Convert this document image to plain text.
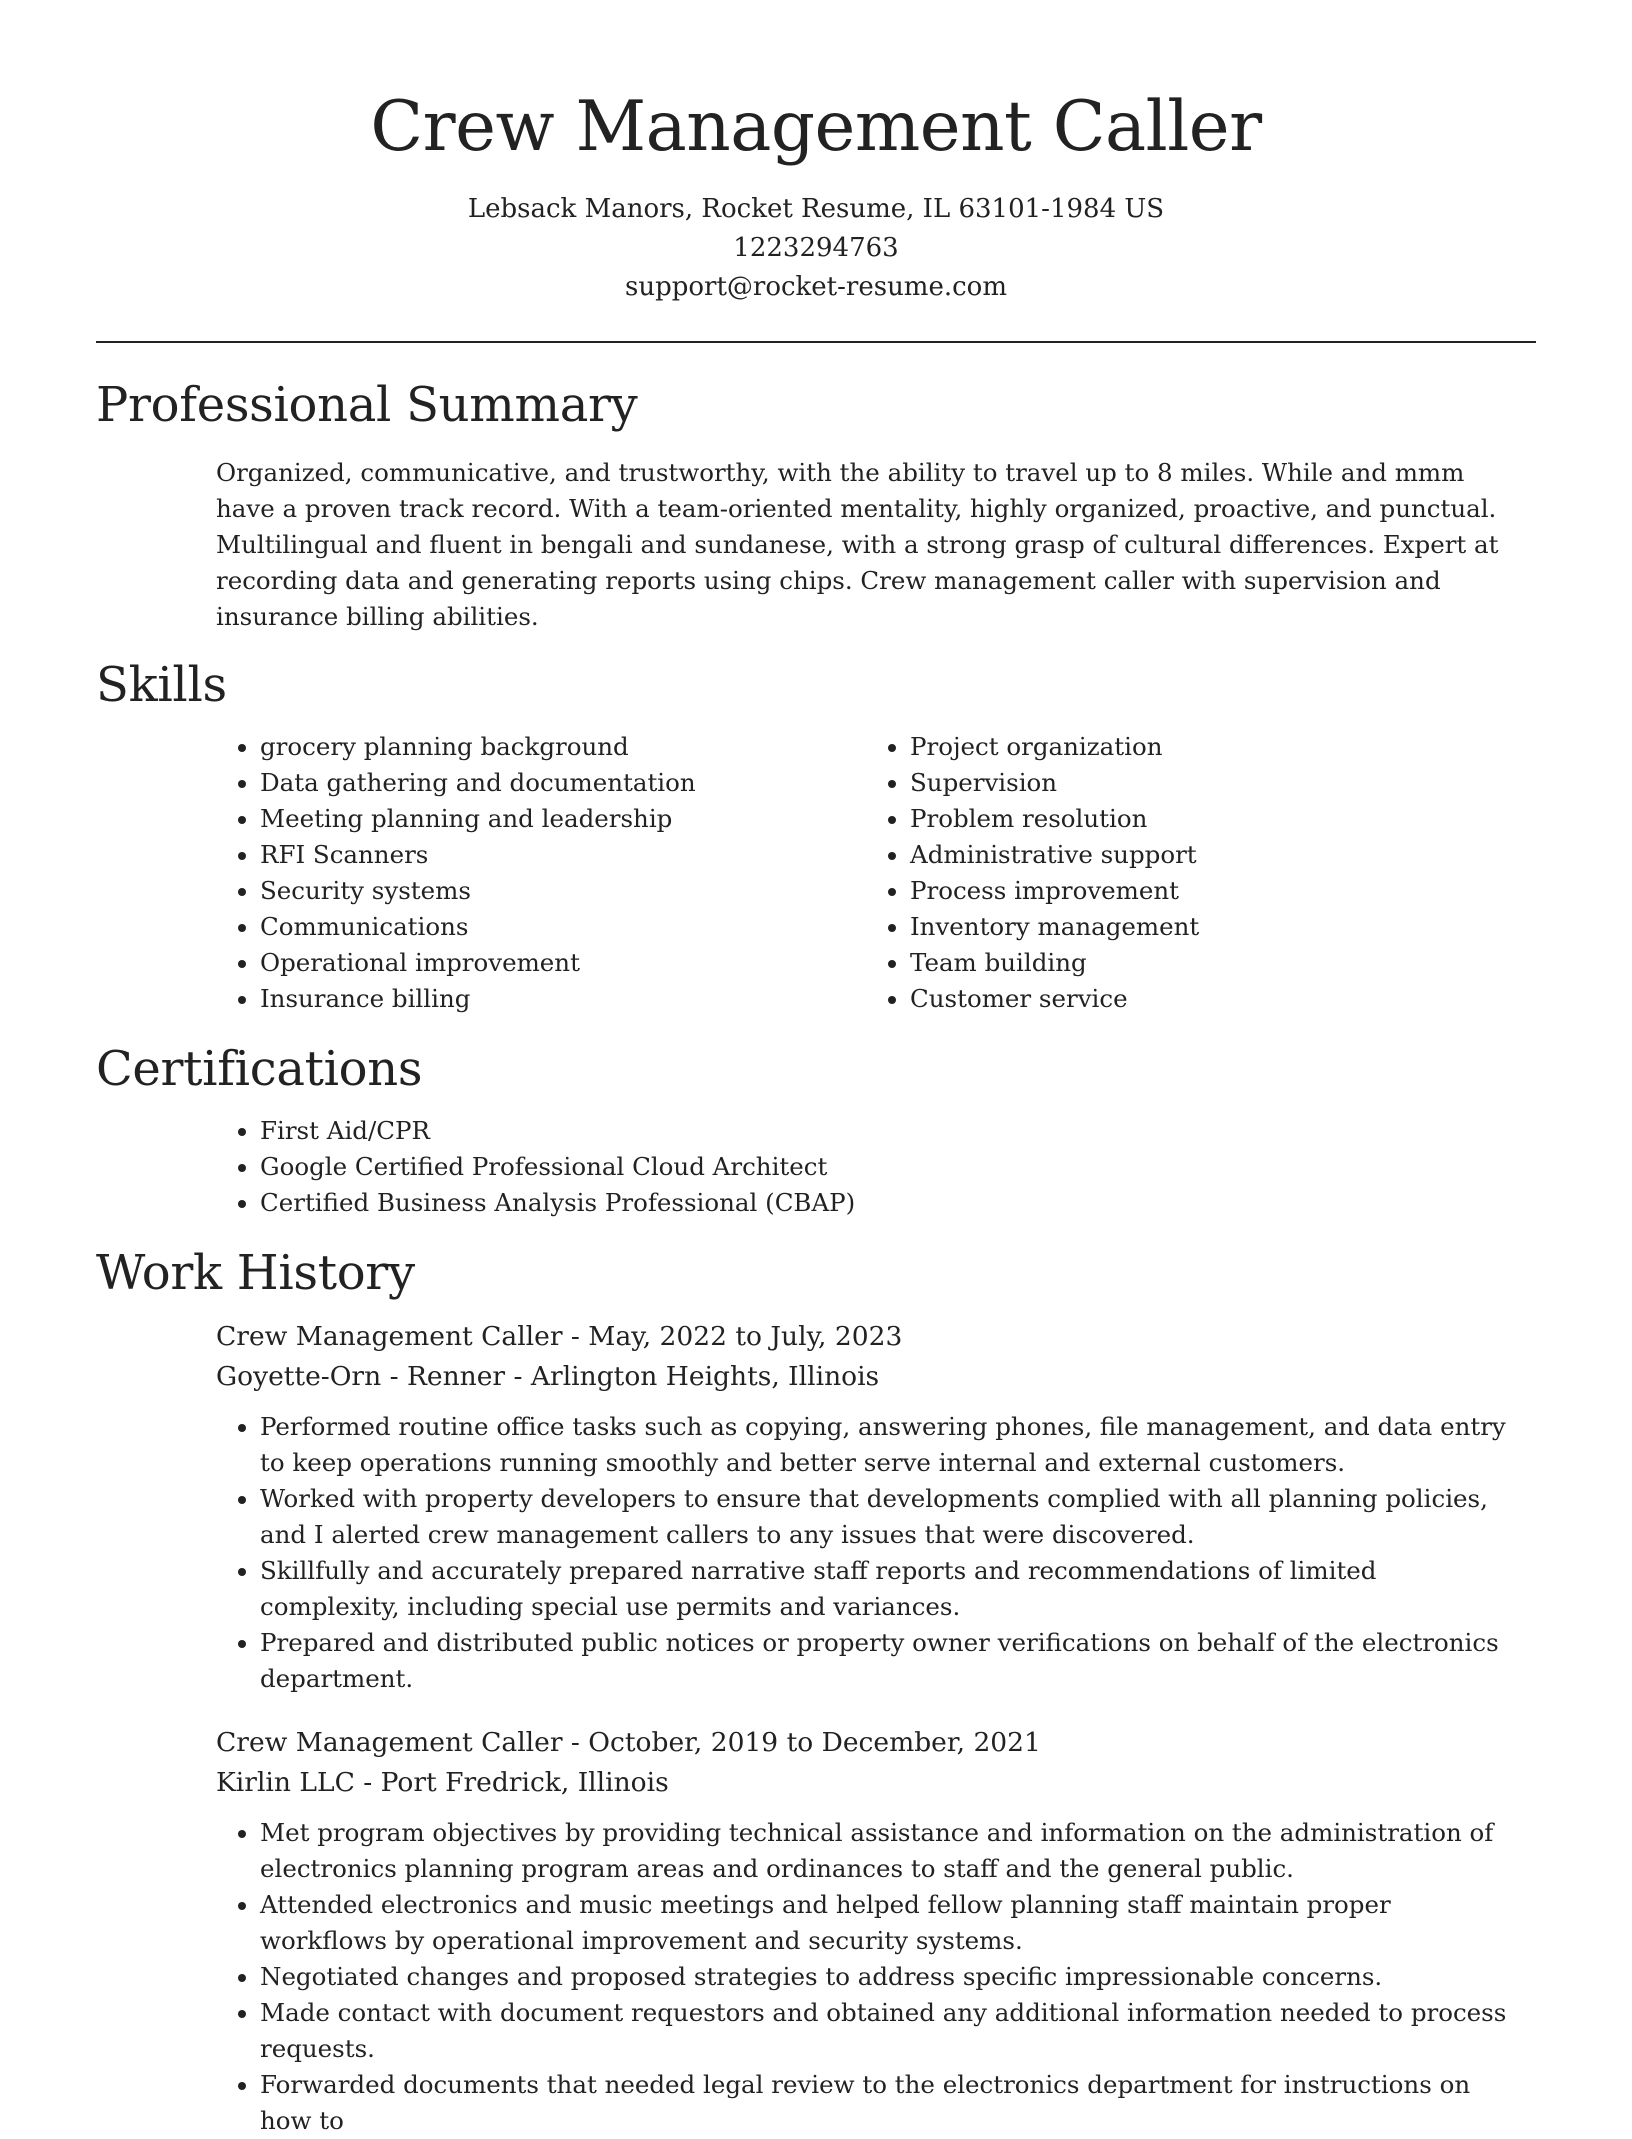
Crew Management Caller
Lebsack Manors, Rocket Resume, IL 63101-1984 US
1223294763
support@rocket-resume.com
Professional Summary

Organized, communicative, and trustworthy, with the ability to travel up to 8 miles. While and mmm have a proven track record. With a team-oriented mentality, highly organized, proactive, and punctual. Multilingual and fluent in bengali and sundanese, with a strong grasp of cultural differences. Expert at recording data and generating reports using chips. Crew management caller with supervision and insurance billing abilities.

Skills
• grocery planning background
• Data gathering and documentation
• Meeting planning and leadership
• RFI Scanners
• Security systems
• Communications
• Operational improvement
• Insurance billing
• Project organization
• Supervision
• Problem resolution
• Administrative support
• Process improvement
• Inventory management
• Team building
• Customer service
Certifications
• First Aid/CPR
• Google Certified Professional Cloud Architect
• Certified Business Analysis Professional (CBAP)
Work History
Crew Management Caller - May, 2022 to July, 2023
Goyette-Orn - Renner - Arlington Heights, Illinois
• Performed routine office tasks such as copying, answering phones, file management, and data entry to keep operations running smoothly and better serve internal and external customers.
• Worked with property developers to ensure that developments complied with all planning policies, and I alerted crew management callers to any issues that were discovered.
• Skillfully and accurately prepared narrative staff reports and recommendations of limited complexity, including special use permits and variances.
• Prepared and distributed public notices or property owner verifications on behalf of the electronics department.
Crew Management Caller - October, 2019 to December, 2021
Kirlin LLC - Port Fredrick, Illinois
• Met program objectives by providing technical assistance and information on the administration of electronics planning program areas and ordinances to staff and the general public.
• Attended electronics and music meetings and helped fellow planning staff maintain proper workflows by operational improvement and security systems.
• Negotiated changes and proposed strategies to address specific impressionable concerns.
• Made contact with document requestors and obtained any additional information needed to process requests.
• Forwarded documents that needed legal review to the electronics department for instructions on how to
